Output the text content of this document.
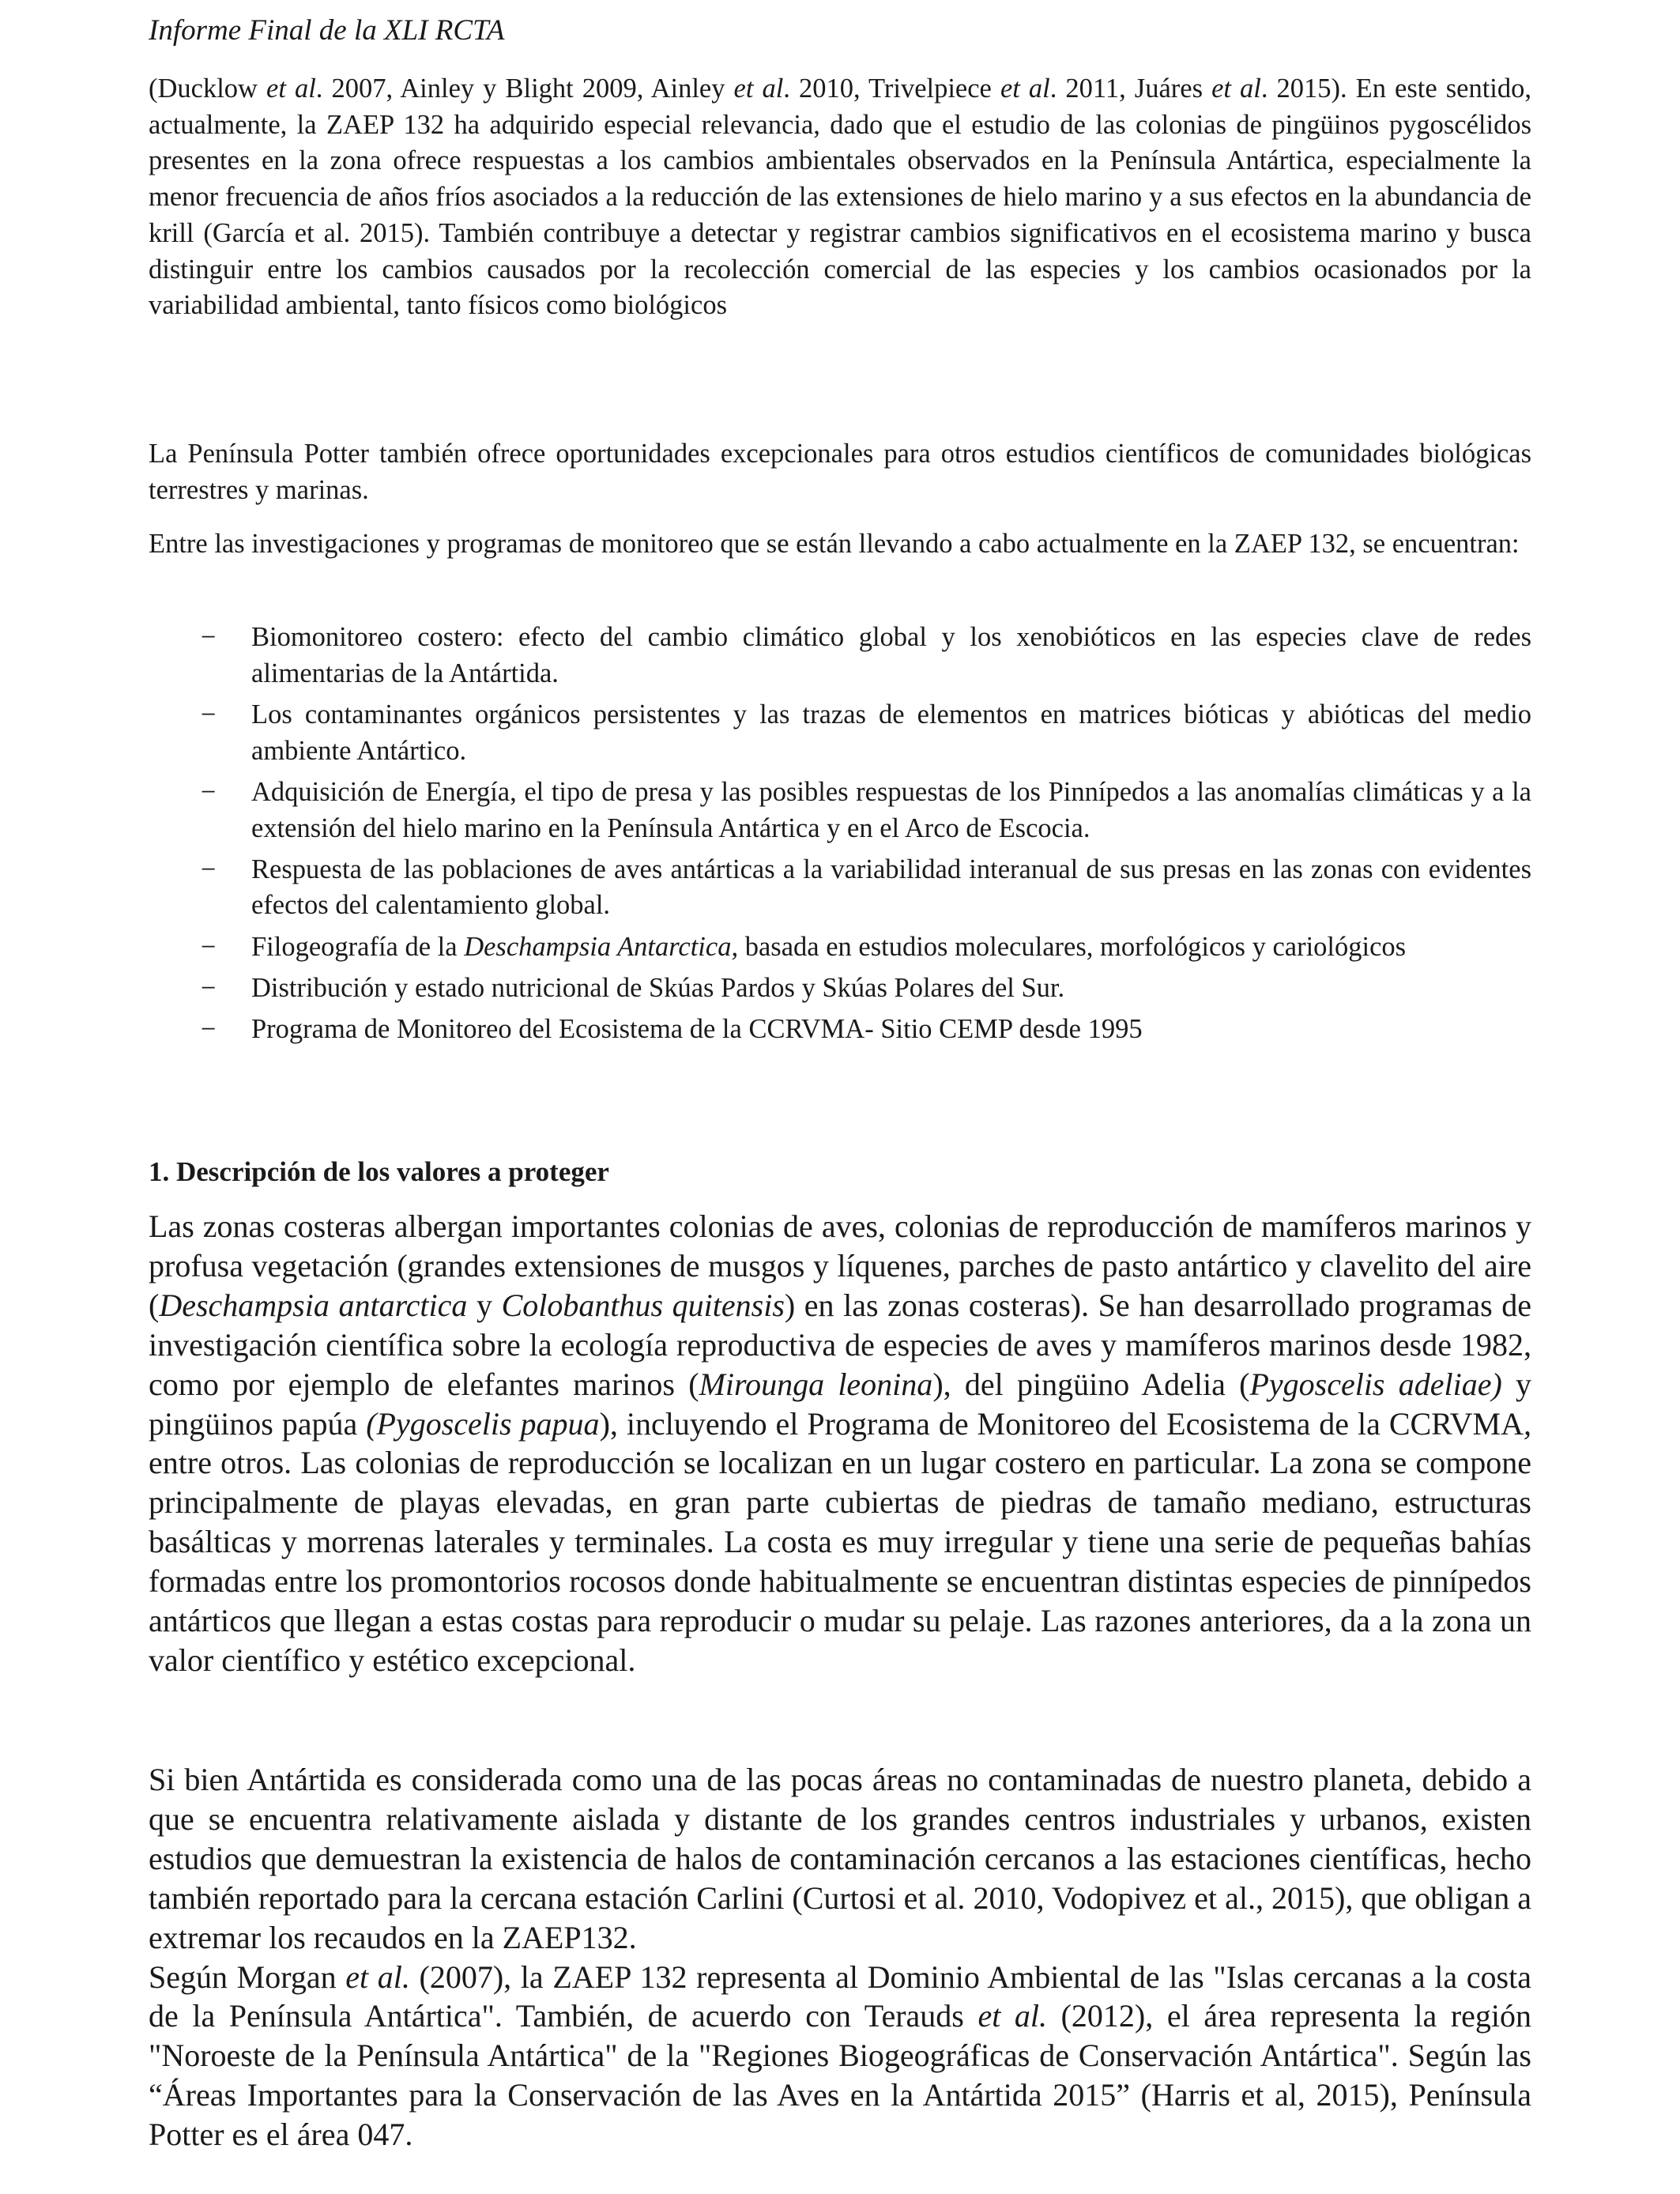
Informe Final de la XLI RCTA

(Ducklow et al. 2007, Ainley y Blight 2009, Ainley et al. 2010, Trivelpiece et al. 2011, Juáres et al. 2015). En este sentido, actualmente, la ZAEP 132 ha adquirido especial relevancia, dado que el estudio de las colonias de pingüinos pygoscélidos presentes en la zona ofrece respuestas a los cambios ambientales observados en la Península Antártica, especialmente la menor frecuencia de años fríos asociados a la reducción de las extensiones de hielo marino y a sus efectos en la abundancia de krill (García et al. 2015). También contribuye a detectar y registrar cambios significativos en el ecosistema marino y busca distinguir entre los cambios causados por la recolección comercial de las especies y los cambios ocasionados por la variabilidad ambiental, tanto físicos como biológicos

La Península Potter también ofrece oportunidades excepcionales para otros estudios científicos de comunidades biológicas terrestres y marinas.

Entre las investigaciones y programas de monitoreo que se están llevando a cabo actualmente en la ZAEP 132, se encuentran:

− Biomonitoreo costero: efecto del cambio climático global y los xenobióticos en las especies clave de redes alimentarias de la Antártida.
− Los contaminantes orgánicos persistentes y las trazas de elementos en matrices bióticas y abióticas del medio ambiente Antártico.
− Adquisición de Energía, el tipo de presa y las posibles respuestas de los Pinnípedos a las anomalías climáticas y a la extensión del hielo marino en la Península Antártica y en el Arco de Escocia.
− Respuesta de las poblaciones de aves antárticas a la variabilidad interanual de sus presas en las zonas con evidentes efectos del calentamiento global.
− Filogeografía de la Deschampsia Antarctica, basada en estudios moleculares, morfológicos y cariológicos
− Distribución y estado nutricional de Skúas Pardos y Skúas Polares del Sur.
− Programa de Monitoreo del Ecosistema de la CCRVMA- Sitio CEMP desde 1995
1. Descripción de los valores a proteger

Las zonas costeras albergan importantes colonias de aves, colonias de reproducción de mamíferos marinos y profusa vegetación (grandes extensiones de musgos y líquenes, parches de pasto antártico y clavelito del aire (Deschampsia antarctica y Colobanthus quitensis) en las zonas costeras). Se han desarrollado programas de investigación científica sobre la ecología reproductiva de especies de aves y mamíferos marinos desde 1982, como por ejemplo de elefantes marinos (Mirounga leonina), del pingüino Adelia (Pygoscelis adeliae) y pingüinos papúa (Pygoscelis papua), incluyendo el Programa de Monitoreo del Ecosistema de la CCRVMA, entre otros. Las colonias de reproducción se localizan en un lugar costero en particular. La zona se compone principalmente de playas elevadas, en gran parte cubiertas de piedras de tamaño mediano, estructuras basálticas y morrenas laterales y terminales. La costa es muy irregular y tiene una serie de pequeñas bahías formadas entre los promontorios rocosos donde habitualmente se encuentran distintas especies de pinnípedos antárticos que llegan a estas costas para reproducir o mudar su pelaje. Las razones anteriores, da a la zona un valor científico y estético excepcional.

Si bien Antártida es considerada como una de las pocas áreas no contaminadas de nuestro planeta, debido a que se encuentra relativamente aislada y distante de los grandes centros industriales y urbanos, existen estudios que demuestran la existencia de halos de contaminación cercanos a las estaciones científicas, hecho también reportado para la cercana estación Carlini (Curtosi et al. 2010, Vodopivez et al., 2015), que obligan a extremar los recaudos en la ZAEP132.

Según Morgan et al. (2007), la ZAEP 132 representa al Dominio Ambiental de las "Islas cercanas a la costa de la Península Antártica". También, de acuerdo con Terauds et al. (2012), el área representa la región "Noroeste de la Península Antártica" de la "Regiones Biogeográficas de Conservación Antártica". Según las “Áreas Importantes para la Conservación de las Aves en la Antártida 2015” (Harris et al, 2015), Península Potter es el área 047.
